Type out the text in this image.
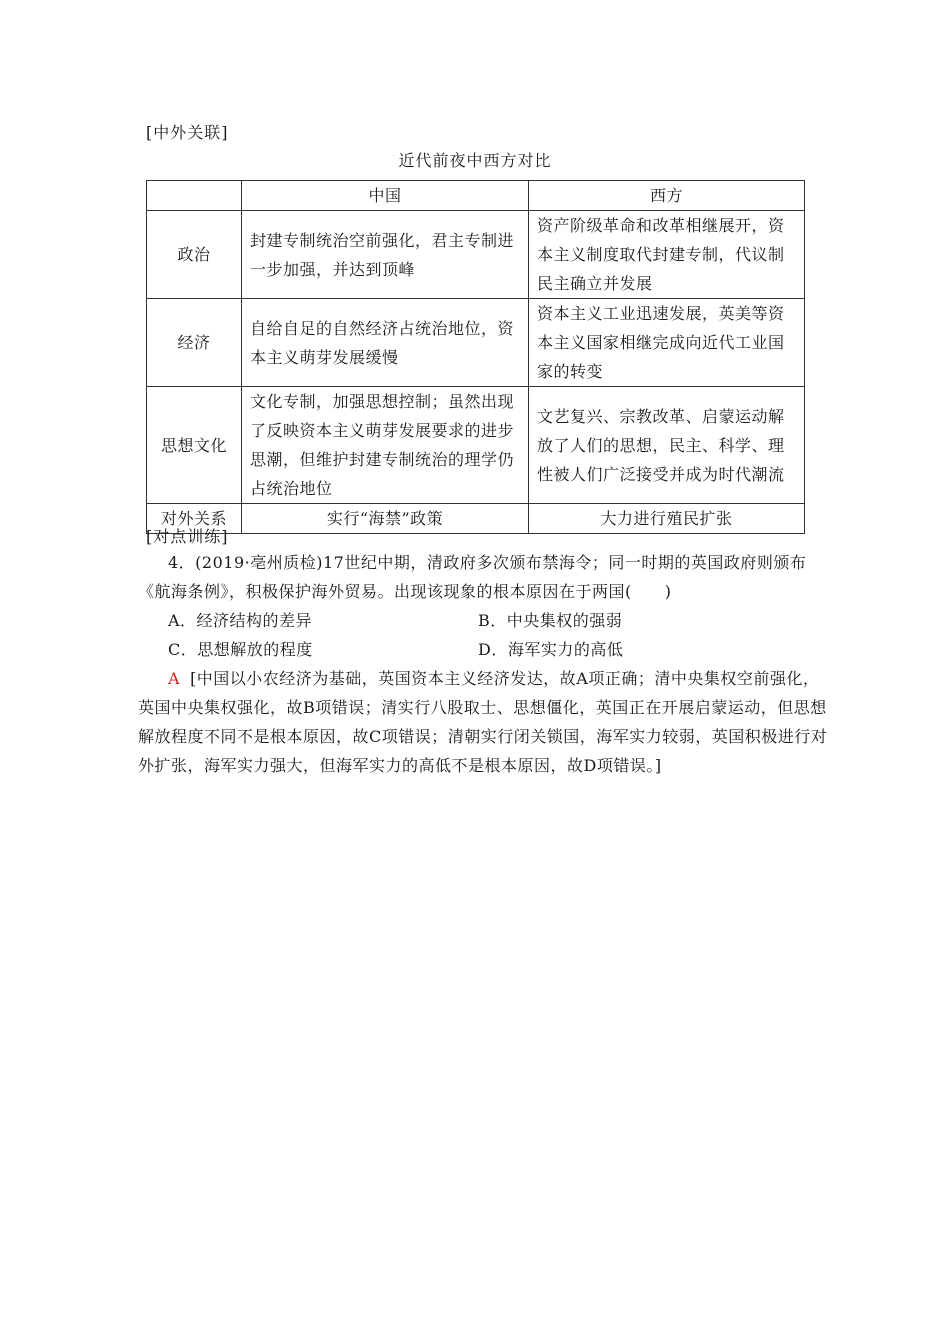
[中外关联]
近代前夜中西方对比
	中国	西方
政治	封建专制统治空前强化，君主专制进一步加强，并达到顶峰	资产阶级革命和改革相继展开，资本主义制度取代封建专制，代议制民主确立并发展
经济	自给自足的自然经济占统治地位，资本主义萌芽发展缓慢	资本主义工业迅速发展，英美等资本主义国家相继完成向近代工业国家的转变
思想文化	文化专制，加强思想控制；虽然出现了反映资本主义萌芽发展要求的进步思潮，但维护封建专制统治的理学仍占统治地位	文艺复兴、宗教改革、启蒙运动解放了人们的思想，民主、科学、理性被人们广泛接受并成为时代潮流
对外关系	实行“海禁”政策	大力进行殖民扩张
[对点训练]

4．(2019·亳州质检)17世纪中期，清政府多次颁布禁海令；同一时期的英国政府则颁布《航海条例》，积极保护海外贸易。出现该现象的根本原因在于两国(　　)

A．经济结构的差异	B．中央集权的强弱
C．思想解放的程度	D．海军实力的高低

A [中国以小农经济为基础，英国资本主义经济发达，故A项正确；清中央集权空前强化，英国中央集权强化，故B项错误；清实行八股取士、思想僵化，英国正在开展启蒙运动，但思想解放程度不同不是根本原因，故C项错误；清朝实行闭关锁国，海军实力较弱，英国积极进行对外扩张，海军实力强大，但海军实力的高低不是根本原因，故D项错误。]
